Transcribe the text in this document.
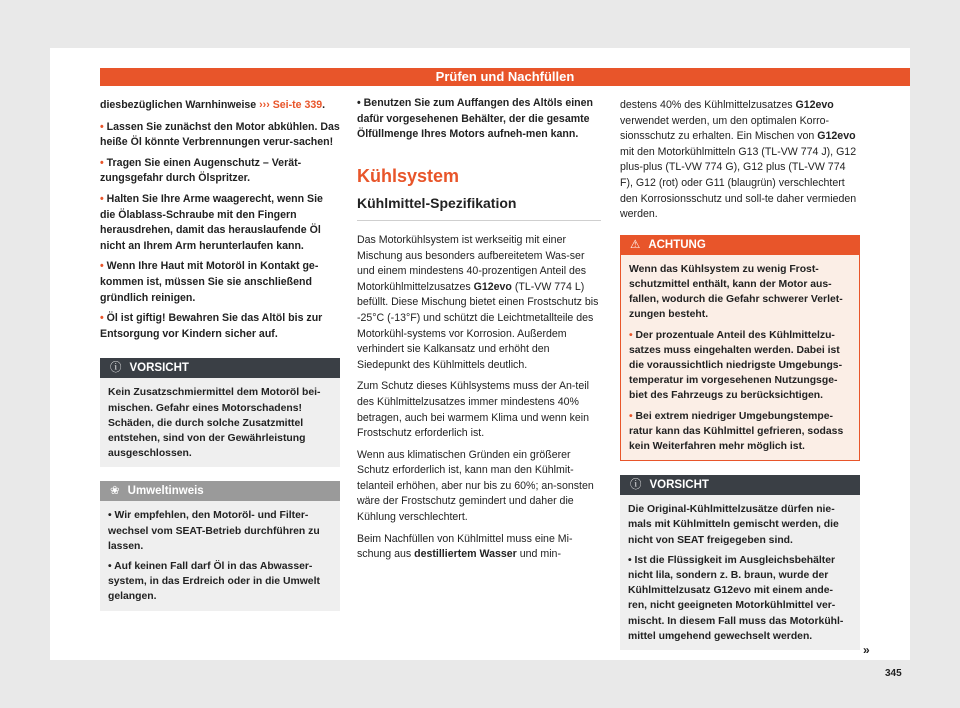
Prüfen und Nachfüllen

diesbezüglichen Warnhinweise ››› Sei-te 339.

• Lassen Sie zunächst den Motor abkühlen. Das heiße Öl könnte Verbrennungen verur-sachen!

• Tragen Sie einen Augenschutz – Verät-zungsgefahr durch Ölspritzer.

• Halten Sie Ihre Arme waagerecht, wenn Sie die Ölablass-Schraube mit den Fingern herausdrehen, damit das herauslaufende Öl nicht an Ihrem Arm herunterlaufen kann.

• Wenn Ihre Haut mit Motoröl in Kontakt ge-kommen ist, müssen Sie sie anschließend gründlich reinigen.

• Öl ist giftig! Bewahren Sie das Altöl bis zur Entsorgung vor Kindern sicher auf.

ⓘ VORSICHT
Kein Zusatzschmiermittel dem Motoröl bei-mischen. Gefahr eines Motorschadens! Schäden, die durch solche Zusatzmittel entstehen, sind von der Gewährleistung ausgeschlossen.
❀ Umweltinweis

• Wir empfehlen, den Motoröl- und Filter-wechsel vom SEAT-Betrieb durchführen zu lassen.

• Auf keinen Fall darf Öl in das Abwasser-system, in das Erdreich oder in die Umwelt gelangen.

• Benutzen Sie zum Auffangen des Altöls einen dafür vorgesehenen Behälter, der die gesamte Ölfüllmenge Ihres Motors aufneh-men kann.

Kühlsystem
Kühlmittel-Spezifikation

Das Motorkühlsystem ist werkseitig mit einer Mischung aus besonders aufbereitetem Was-ser und einem mindestens 40-prozentigen Anteil des Motorkühlmittelzusatzes G12evo (TL-VW 774 L) befüllt. Diese Mischung bietet einen Frostschutz bis -25°C (-13°F) und schützt die Leichtmetallteile des Motorkühl-systems vor Korrosion. Außerdem verhindert sie Kalkansatz und erhöht den Siedepunkt des Kühlmittels deutlich.

Zum Schutz dieses Kühlsystems muss der An-teil des Kühlmittelzusatzes immer mindestens 40% betragen, auch bei warmem Klima und wenn kein Frostschutz erforderlich ist.

Wenn aus klimatischen Gründen ein größerer Schutz erforderlich ist, kann man den Kühlmit-telanteil erhöhen, aber nur bis zu 60%; an-sonsten wäre der Frostschutz gemindert und daher die Kühlung verschlechtert.

Beim Nachfüllen von Kühlmittel muss eine Mi-schung aus destilliertem Wasser und min-

destens 40% des Kühlmittelzusatzes G12evo verwendet werden, um den optimalen Korro-sionsschutz zu erhalten. Ein Mischen von G12evo mit den Motorkühlmitteln G13 (TL-VW 774 J), G12 plus-plus (TL-VW 774 G), G12 plus (TL-VW 774 F), G12 (rot) oder G11 (blaugrün) verschlechtert den Korrosionsschutz und soll-te daher vermieden werden.

⚠ ACHTUNG

Wenn das Kühlsystem zu wenig Frost-schutzmittel enthält, kann der Motor aus-fallen, wodurch die Gefahr schwerer Verlet-zungen besteht.

• Der prozentuale Anteil des Kühlmittelzu-satzes muss eingehalten werden. Dabei ist die voraussichtlich niedrigste Umgebungs-temperatur im vorgesehenen Nutzungsge-biet des Fahrzeugs zu berücksichtigen.

• Bei extrem niedriger Umgebungstempe-ratur kann das Kühlmittel gefrieren, sodass kein Weiterfahren mehr möglich ist.

ⓘ VORSICHT

Die Original-Kühlmittelzusätze dürfen nie-mals mit Kühlmitteln gemischt werden, die nicht von SEAT freigegeben sind.

• Ist die Flüssigkeit im Ausgleichsbehälter nicht lila, sondern z. B. braun, wurde der Kühlmittelzusatz G12evo mit einem ande-ren, nicht geeigneten Motorkühlmittel ver-mischt. In diesem Fall muss das Motorkühl-mittel umgehend gewechselt werden.

»
345
